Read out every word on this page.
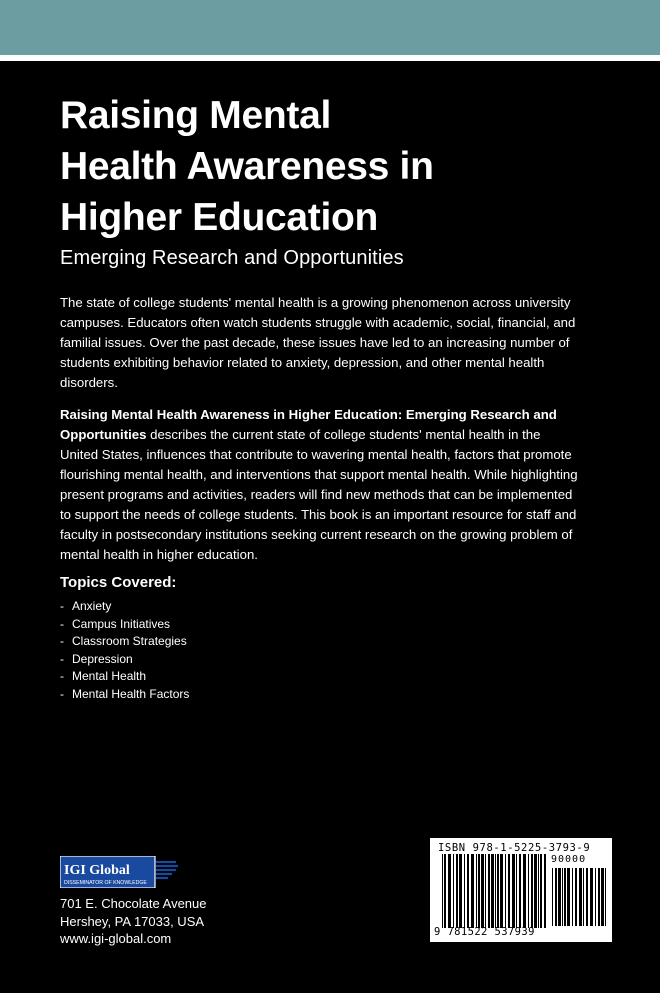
Raising Mental
Health Awareness in
Higher Education
Emerging Research and Opportunities

The state of college students' mental health is a growing phenomenon across university campuses. Educators often watch students struggle with academic, social, financial, and familial issues. Over the past decade, these issues have led to an increasing number of students exhibiting behavior related to anxiety, depression, and other mental health disorders.

Raising Mental Health Awareness in Higher Education: Emerging Research and Opportunities describes the current state of college students' mental health in the United States, influences that contribute to wavering mental health, factors that promote flourishing mental health, and interventions that support mental health. While highlighting present programs and activities, readers will find new methods that can be implemented to support the needs of college students. This book is an important resource for staff and faculty in postsecondary institutions seeking current research on the growing problem of mental health in higher education.

Topics Covered:
- Anxiety
- Campus Initiatives
- Classroom Strategies
- Depression
- Mental Health
- Mental Health Factors
IGI Global
DISSEMINATOR OF KNOWLEDGE

701 E. Chocolate Avenue
Hershey, PA 17033, USA
www.igi-global.com

ISBN 978-1-5225-3793-9
90000
9 781522 537939
